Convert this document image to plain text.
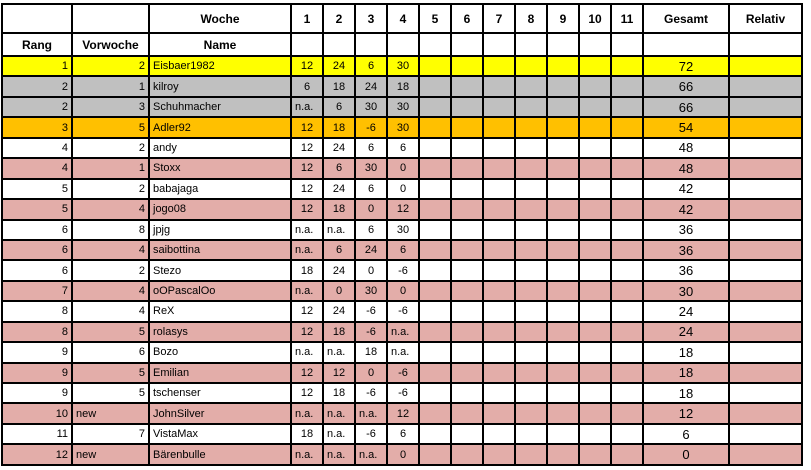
		Woche	1	2	3	4	5	6	7	8	9	10	11	Gesamt	Relativ
Rang	Vorwoche	Name													
1	2	Eisbaer1982	12	24	6	30								72	
2	1	kilroy	6	18	24	18								66	
2	3	Schuhmacher	n.a.	6	30	30								66	
3	5	Adler92	12	18	-6	30								54	
4	2	andy	12	24	6	6								48	
4	1	Stoxx	12	6	30	0								48	
5	2	babajaga	12	24	6	0								42	
5	4	jogo08	12	18	0	12								42	
6	8	jpjg	n.a.	n.a.	6	30								36	
6	4	saibottina	n.a.	6	24	6								36	
6	2	Stezo	18	24	0	-6								36	
7	4	oOPascalOo	n.a.	0	30	0								30	
8	4	ReX	12	24	-6	-6								24	
8	5	rolasys	12	18	-6	n.a.								24	
9	6	Bozo	n.a.	n.a.	18	n.a.								18	
9	5	Emilian	12	12	0	-6								18	
9	5	tschenser	12	18	-6	-6								18	
10	new	JohnSilver	n.a.	n.a.	n.a.	12								12	
11	7	VistaMax	18	n.a.	-6	6								6	
12	new	Bärenbulle	n.a.	n.a.	n.a.	0								0	
